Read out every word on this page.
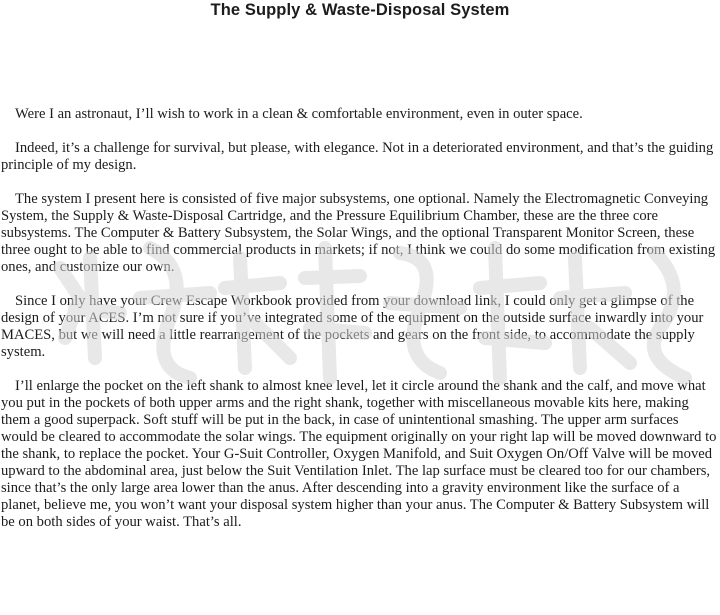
The Supply & Waste-Disposal System

Were I an astronaut, I’ll wish to work in a clean & comfortable environment, even in outer space.

Indeed, it’s a challenge for survival, but please, with elegance. Not in a deteriorated environment, and that’s the guiding principle of my design.

The system I present here is consisted of five major subsystems, one optional. Namely the Electromagnetic Conveying System, the Supply & Waste-Disposal Cartridge, and the Pressure Equilibrium Chamber, these are the three core subsystems. The Computer & Battery Subsystem, the Solar Wings, and the optional Transparent Monitor Screen, these three ought to be able to find commercial products in markets; if not, I think we could do some modification from existing ones, and customize our own.

Since I only have your Crew Escape Workbook provided from your download link, I could only get a glimpse of the design of your ACES. I’m not sure if you’ve integrated some of the equipment on the outside surface inwardly into your MACES, but we will need a little rearrangement of the pockets and gears on the front side, to accommodate the supply system.

I’ll enlarge the pocket on the left shank to almost knee level, let it circle around the shank and the calf, and move what you put in the pockets of both upper arms and the right shank, together with miscellaneous movable kits here, making them a good superpack. Soft stuff will be put in the back, in case of unintentional smashing. The upper arm surfaces would be cleared to accommodate the solar wings. The equipment originally on your right lap will be moved downward to the shank, to replace the pocket. Your G-Suit Controller, Oxygen Manifold, and Suit Oxygen On/Off Valve will be moved upward to the abdominal area, just below the Suit Ventilation Inlet. The lap surface must be cleared too for our chambers, since that’s the only large area lower than the anus. After descending into a gravity environment like the surface of a planet, believe me, you won’t want your disposal system higher than your anus. The Computer & Battery Subsystem will be on both sides of your waist. That’s all.
